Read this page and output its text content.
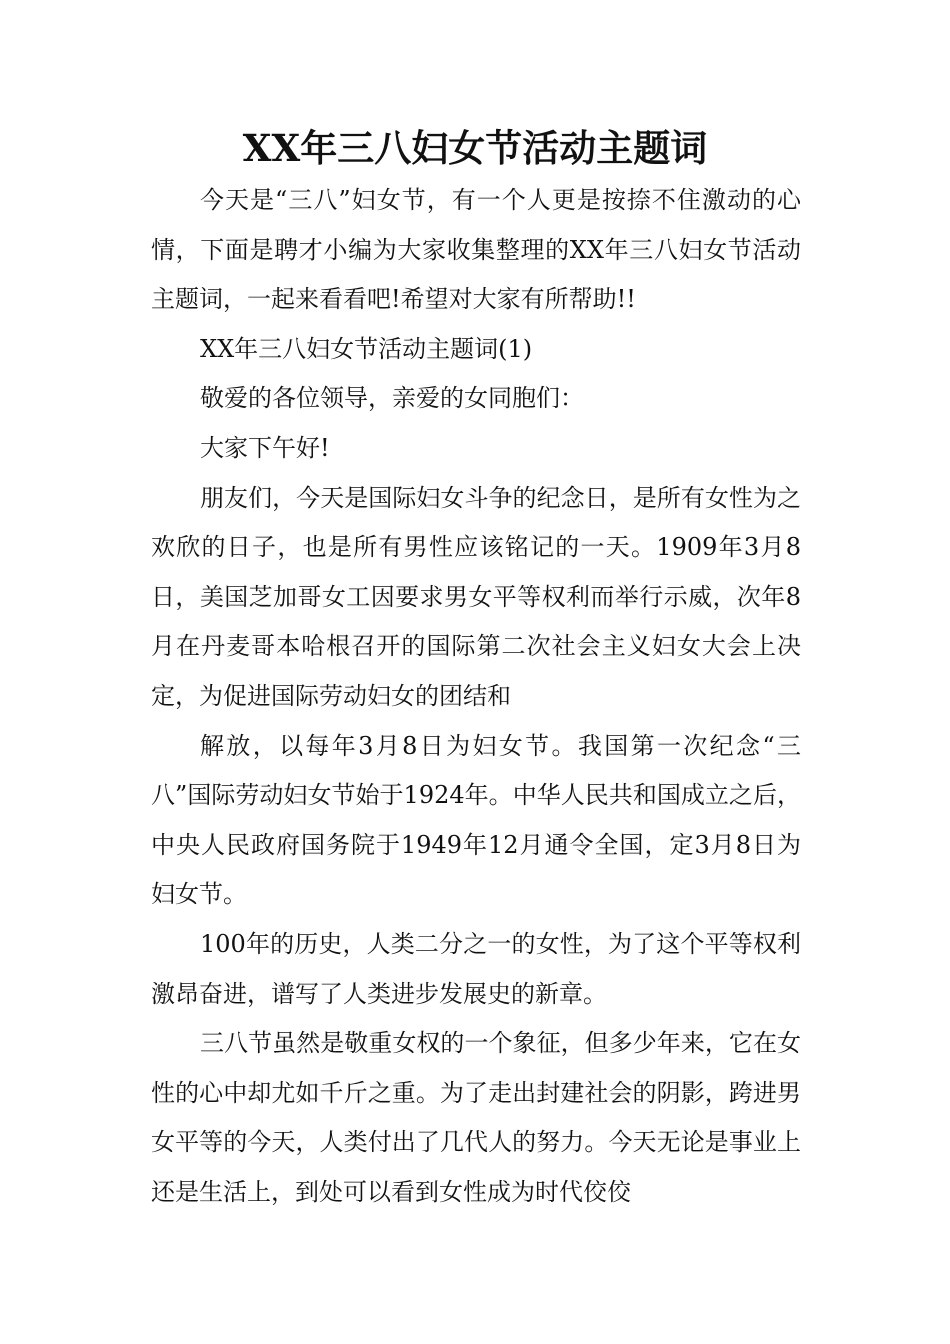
XX年三八妇女节活动主题词

今天是“三八”妇女节，有一个人更是按捺不住激动的心情，下面是聘才小编为大家收集整理的XX年三八妇女节活动主题词，一起来看看吧!希望对大家有所帮助!!

XX年三八妇女节活动主题词(1)

敬爱的各位领导，亲爱的女同胞们：

大家下午好!

朋友们，今天是国际妇女斗争的纪念日，是所有女性为之欢欣的日子，也是所有男性应该铭记的一天。1909年3月8日，美国芝加哥女工因要求男女平等权利而举行示威，次年8月在丹麦哥本哈根召开的国际第二次社会主义妇女大会上决定，为促进国际劳动妇女的团结和

解放，以每年3月8日为妇女节。我国第一次纪念“三八”国际劳动妇女节始于1924年。中华人民共和国成立之后，中央人民政府国务院于1949年12月通令全国，定3月8日为妇女节。

100年的历史，人类二分之一的女性，为了这个平等权利激昂奋进，谱写了人类进步发展史的新章。

三八节虽然是敬重女权的一个象征，但多少年来，它在女性的心中却尤如千斤之重。为了走出封建社会的阴影，跨进男女平等的今天，人类付出了几代人的努力。今天无论是事业上还是生活上，到处可以看到女性成为时代佼佼
